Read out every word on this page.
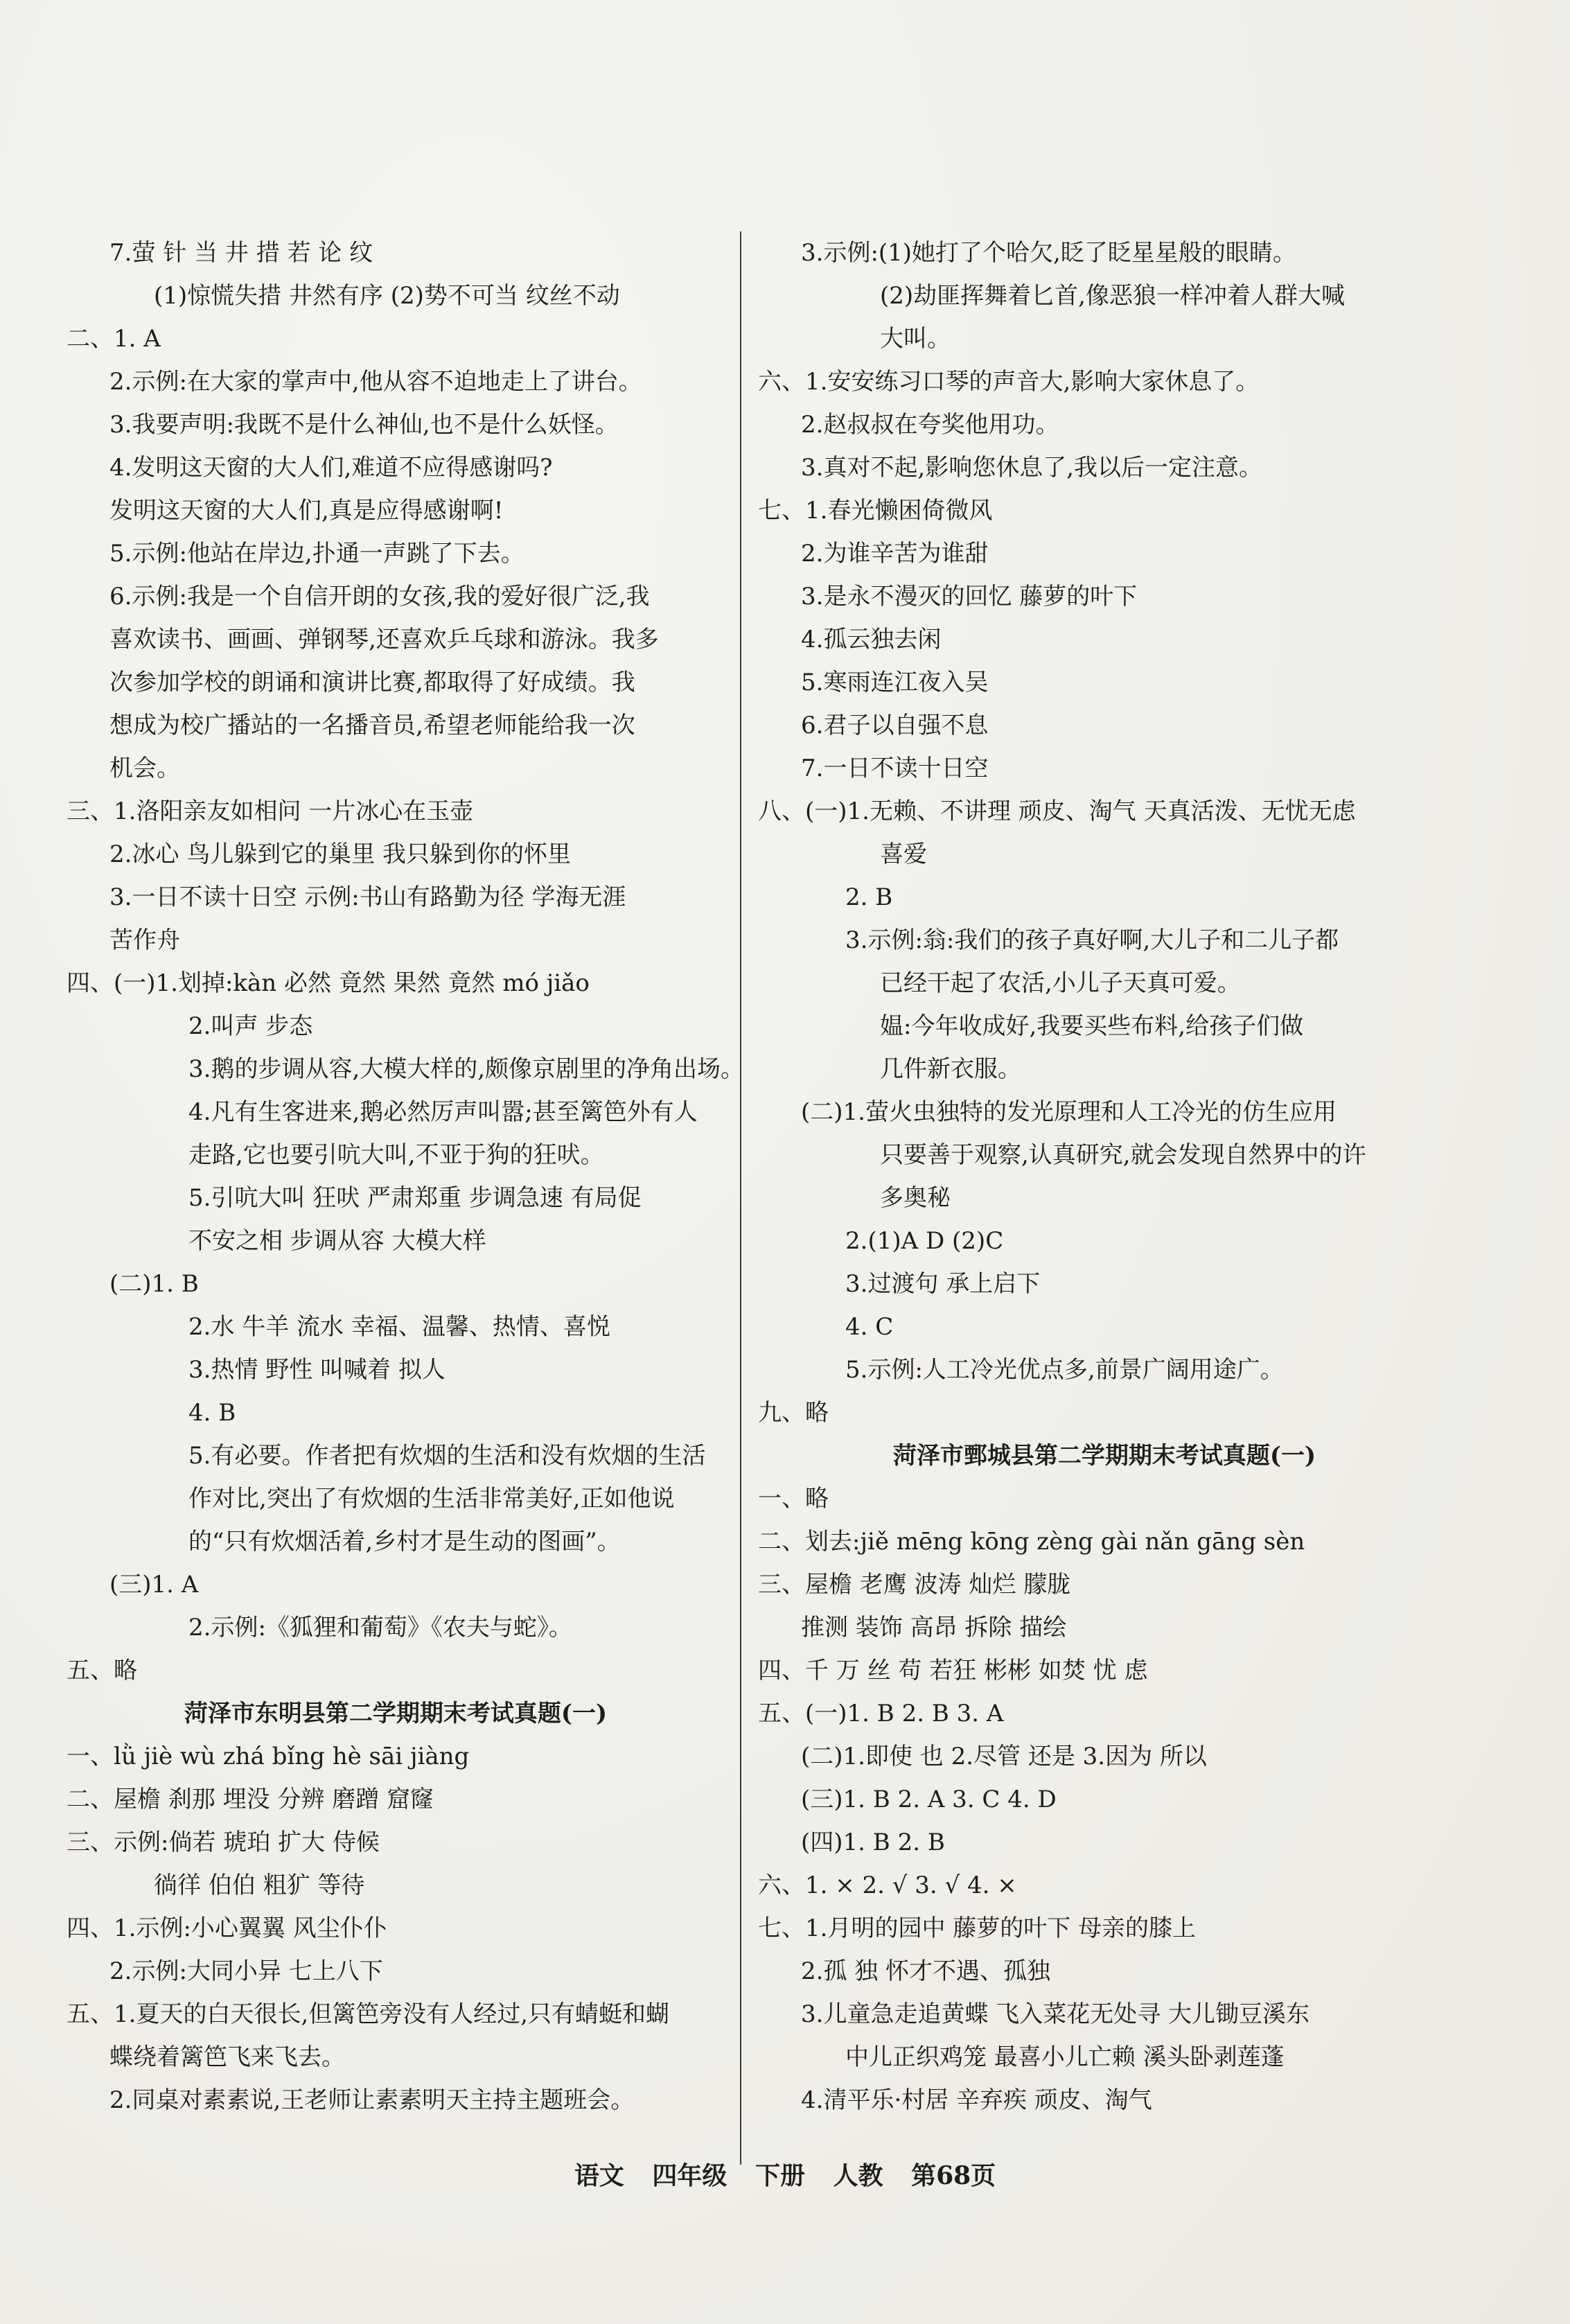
7.萤 针 当 井 措 若 论 纹
(1)惊慌失措 井然有序 (2)势不可当 纹丝不动
二、1. A
2.示例:在大家的掌声中,他从容不迫地走上了讲台。
3.我要声明:我既不是什么神仙,也不是什么妖怪。
4.发明这天窗的大人们,难道不应得感谢吗?
发明这天窗的大人们,真是应得感谢啊!
5.示例:他站在岸边,扑通一声跳了下去。
6.示例:我是一个自信开朗的女孩,我的爱好很广泛,我
喜欢读书、画画、弹钢琴,还喜欢乒乓球和游泳。我多
次参加学校的朗诵和演讲比赛,都取得了好成绩。我
想成为校广播站的一名播音员,希望老师能给我一次
机会。
三、1.洛阳亲友如相问 一片冰心在玉壶
2.冰心 鸟儿躲到它的巢里 我只躲到你的怀里
3.一日不读十日空 示例:书山有路勤为径 学海无涯
苦作舟
四、(一)1.划掉:kàn 必然 竟然 果然 竟然 mó jiǎo
2.叫声 步态
3.鹅的步调从容,大模大样的,颇像京剧里的净角出场。
4.凡有生客进来,鹅必然厉声叫嚣;甚至篱笆外有人
走路,它也要引吭大叫,不亚于狗的狂吠。
5.引吭大叫 狂吠 严肃郑重 步调急速 有局促
不安之相 步调从容 大模大样
(二)1. B
2.水 牛羊 流水 幸福、温馨、热情、喜悦
3.热情 野性 叫喊着 拟人
4. B
5.有必要。作者把有炊烟的生活和没有炊烟的生活
作对比,突出了有炊烟的生活非常美好,正如他说
的“只有炊烟活着,乡村才是生动的图画”。
(三)1. A
2.示例:《狐狸和葡萄》《农夫与蛇》。
五、略
菏泽市东明县第二学期期末考试真题(一)
一、lǜ jiè wù zhá bǐng hè sāi jiàng
二、屋檐 刹那 埋没 分辨 磨蹭 窟窿
三、示例:倘若 琥珀 扩大 侍候
徜徉 伯伯 粗犷 等待
四、1.示例:小心翼翼 风尘仆仆
2.示例:大同小异 七上八下
五、1.夏天的白天很长,但篱笆旁没有人经过,只有蜻蜓和蝴
蝶绕着篱笆飞来飞去。
2.同桌对素素说,王老师让素素明天主持主题班会。
3.示例:(1)她打了个哈欠,眨了眨星星般的眼睛。
(2)劫匪挥舞着匕首,像恶狼一样冲着人群大喊
大叫。
六、1.安安练习口琴的声音大,影响大家休息了。
2.赵叔叔在夸奖他用功。
3.真对不起,影响您休息了,我以后一定注意。
七、1.春光懒困倚微风
2.为谁辛苦为谁甜
3.是永不漫灭的回忆 藤萝的叶下
4.孤云独去闲
5.寒雨连江夜入吴
6.君子以自强不息
7.一日不读十日空
八、(一)1.无赖、不讲理 顽皮、淘气 天真活泼、无忧无虑
喜爱
2. B
3.示例:翁:我们的孩子真好啊,大儿子和二儿子都
已经干起了农活,小儿子天真可爱。
媪:今年收成好,我要买些布料,给孩子们做
几件新衣服。
(二)1.萤火虫独特的发光原理和人工冷光的仿生应用
只要善于观察,认真研究,就会发现自然界中的许
多奥秘
2.(1)A D (2)C
3.过渡句 承上启下
4. C
5.示例:人工冷光优点多,前景广阔用途广。
九、略
菏泽市鄄城县第二学期期末考试真题(一)
一、略
二、划去:jiě mēng kōng zèng gài nǎn gāng sèn
三、屋檐 老鹰 波涛 灿烂 朦胧
推测 装饰 高昂 拆除 描绘
四、千 万 丝 苟 若狂 彬彬 如焚 忧 虑
五、(一)1. B 2. B 3. A
(二)1.即使 也 2.尽管 还是 3.因为 所以
(三)1. B 2. A 3. C 4. D
(四)1. B 2. B
六、1. × 2. √ 3. √ 4. ×
七、1.月明的园中 藤萝的叶下 母亲的膝上
2.孤 独 怀才不遇、孤独
3.儿童急走追黄蝶 飞入菜花无处寻 大儿锄豆溪东
中儿正织鸡笼 最喜小儿亡赖 溪头卧剥莲蓬
4.清平乐·村居 辛弃疾 顽皮、淘气
语文 四年级 下册 人教 第68页
